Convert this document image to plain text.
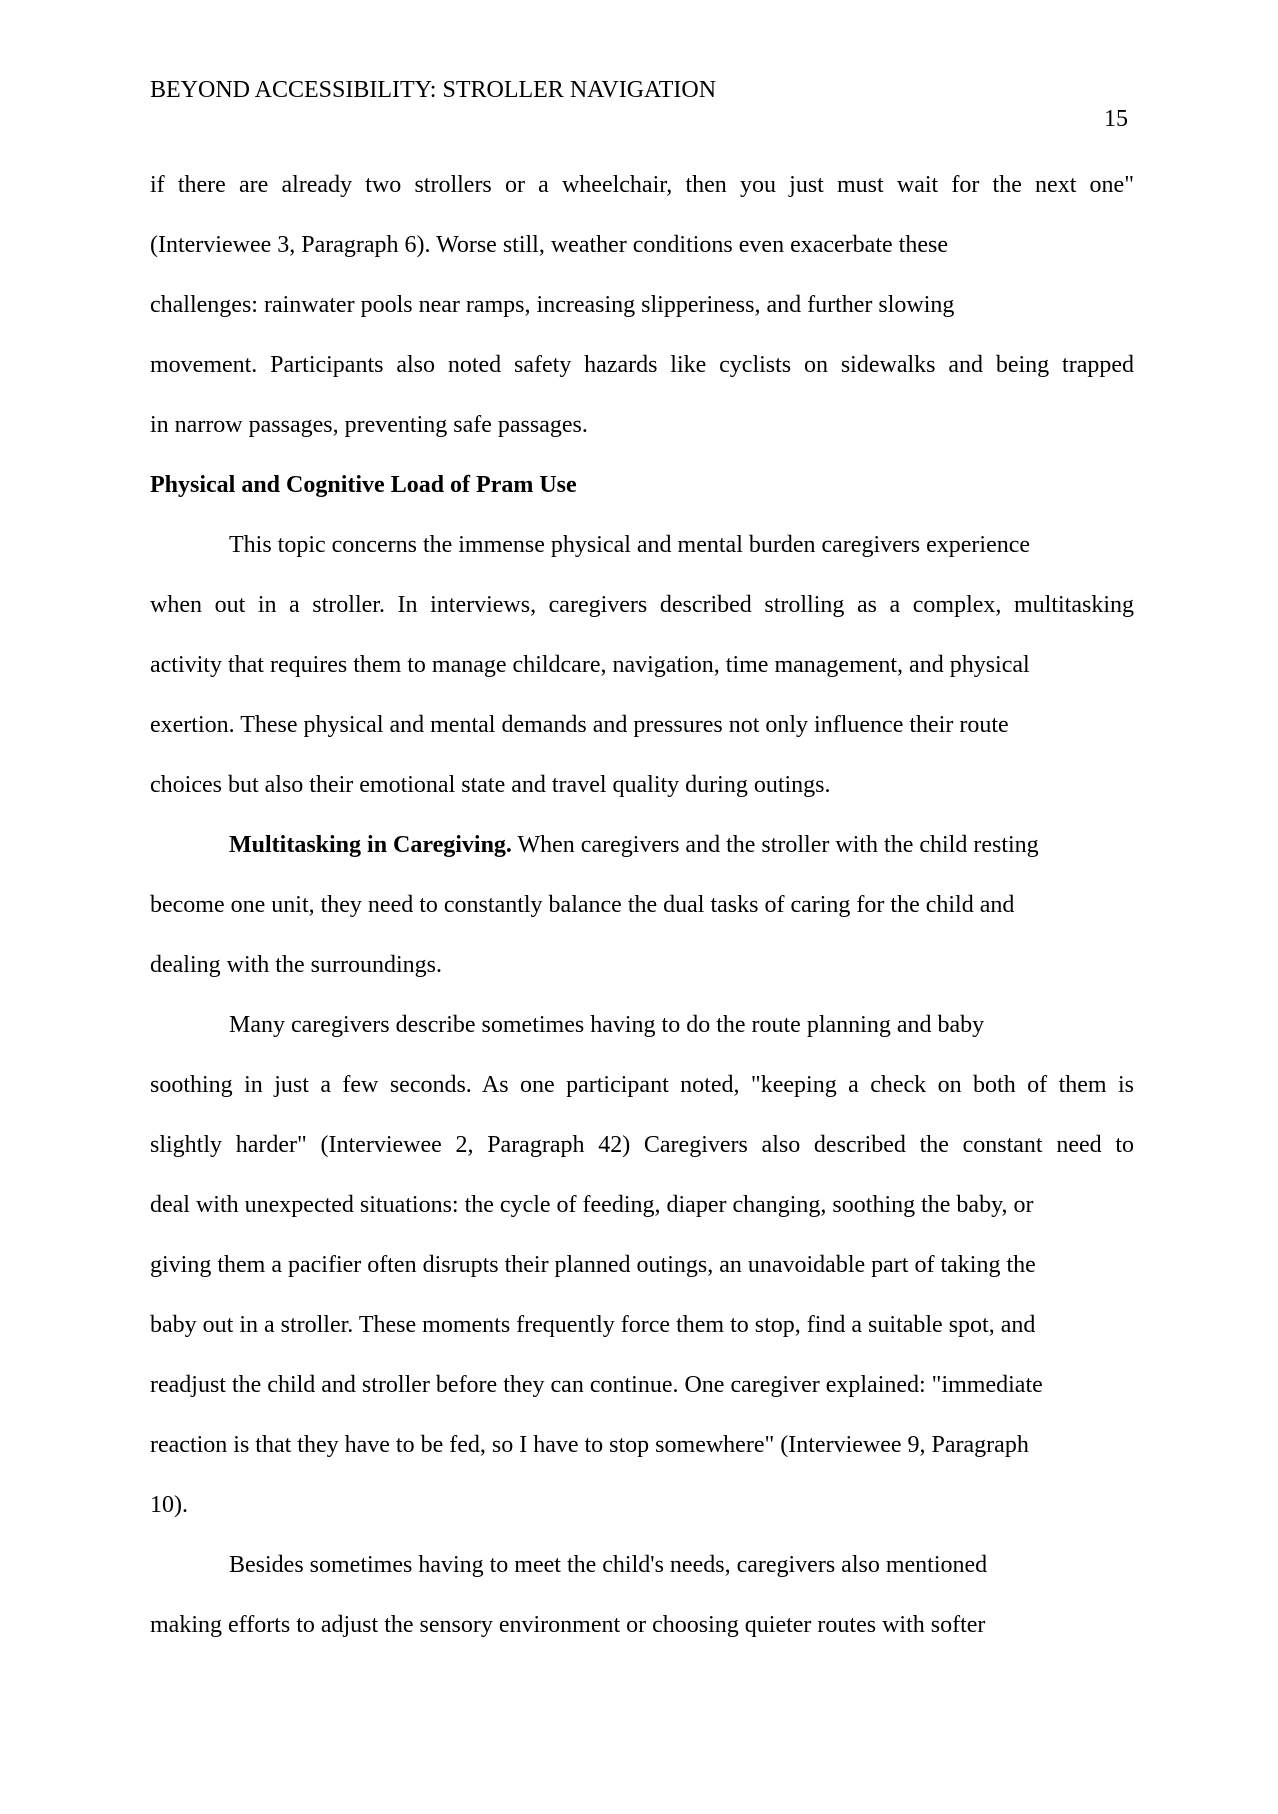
BEYOND ACCESSIBILITY: STROLLER NAVIGATION
15
if there are already two strollers or a wheelchair, then you just must wait for the next one"
(Interviewee 3, Paragraph 6). Worse still, weather conditions even exacerbate these
challenges: rainwater pools near ramps, increasing slipperiness, and further slowing
movement. Participants also noted safety hazards like cyclists on sidewalks and being trapped
in narrow passages, preventing safe passages.
Physical and Cognitive Load of Pram Use
This topic concerns the immense physical and mental burden caregivers experience
when out in a stroller. In interviews, caregivers described strolling as a complex, multitasking
activity that requires them to manage childcare, navigation, time management, and physical
exertion. These physical and mental demands and pressures not only influence their route
choices but also their emotional state and travel quality during outings.
Multitasking in Caregiving. When caregivers and the stroller with the child resting
become one unit, they need to constantly balance the dual tasks of caring for the child and
dealing with the surroundings.
Many caregivers describe sometimes having to do the route planning and baby
soothing in just a few seconds. As one participant noted, "keeping a check on both of them is
slightly harder" (Interviewee 2, Paragraph 42) Caregivers also described the constant need to
deal with unexpected situations: the cycle of feeding, diaper changing, soothing the baby, or
giving them a pacifier often disrupts their planned outings, an unavoidable part of taking the
baby out in a stroller. These moments frequently force them to stop, find a suitable spot, and
readjust the child and stroller before they can continue. One caregiver explained: "immediate
reaction is that they have to be fed, so I have to stop somewhere" (Interviewee 9, Paragraph
10).
Besides sometimes having to meet the child's needs, caregivers also mentioned
making efforts to adjust the sensory environment or choosing quieter routes with softer
